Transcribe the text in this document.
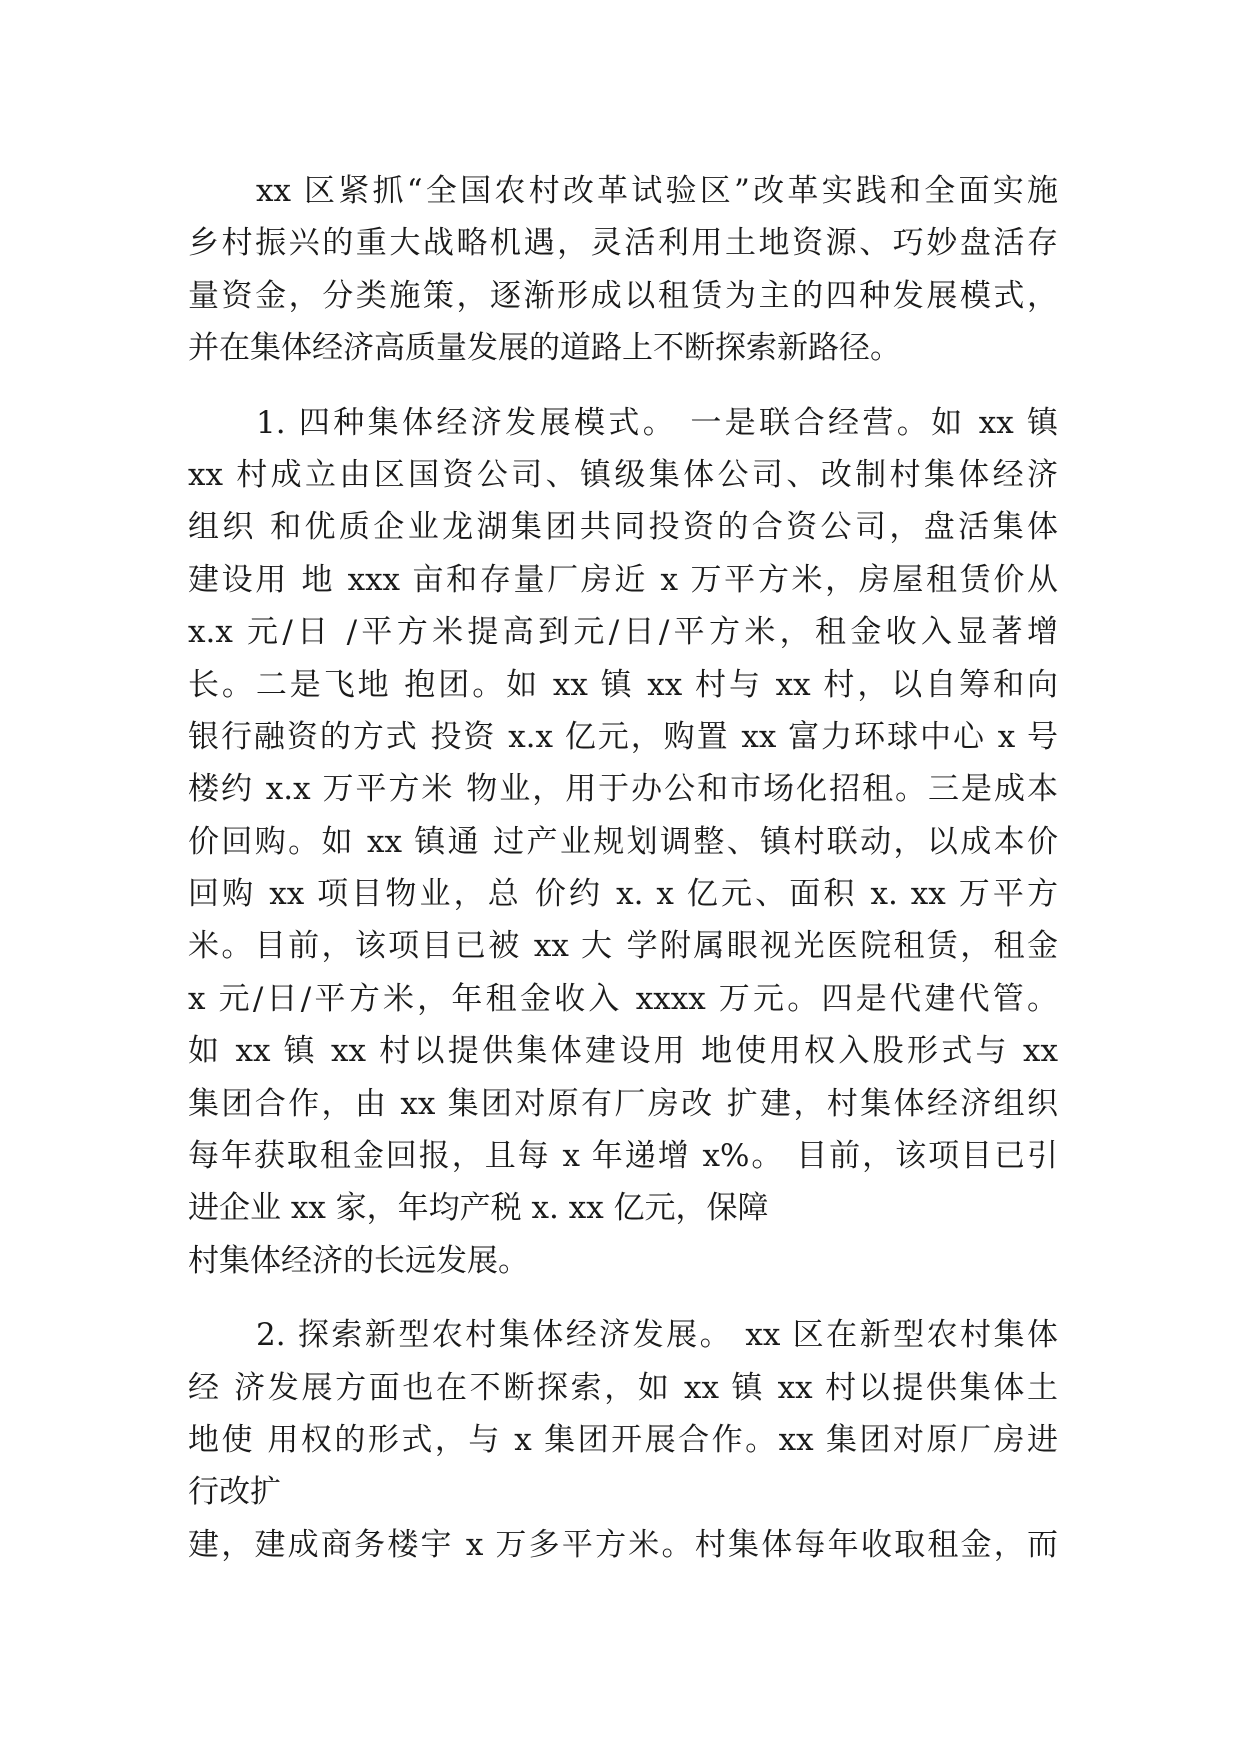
xx 区紧抓“全国农村改革试验区”改革实践和全面实施
乡村振兴的重大战略机遇，灵活利用土地资源、巧妙盘活存
量资金，分类施策，逐渐形成以租赁为主的四种发展模式，
并在集体经济高质量发展的道路上不断探索新路径。
1. 四种集体经济发展模式。 一是联合经营。如 xx 镇
xx 村成立由区国资公司、镇级集体公司、改制村集体经济
组织 和优质企业龙湖集团共同投资的合资公司，盘活集体
建设用 地 xxx 亩和存量厂房近 x 万平方米，房屋租赁价从
x.x 元/日 /平方米提高到元/日/平方米，租金收入显著增
长。二是飞地 抱团。如 xx 镇 xx 村与 xx 村，以自筹和向
银行融资的方式 投资 x.x 亿元，购置 xx 富力环球中心 x 号
楼约 x.x 万平方米 物业，用于办公和市场化招租。三是成本
价回购。如 xx 镇通 过产业规划调整、镇村联动，以成本价
回购 xx 项目物业，总 价约 x. x 亿元、面积 x. xx 万平方
米。目前，该项目已被 xx 大 学附属眼视光医院租赁，租金
x 元/日/平方米，年租金收入 xxxx 万元。四是代建代管。
如 xx 镇 xx 村以提供集体建设用 地使用权入股形式与 xx
集团合作，由 xx 集团对原有厂房改 扩建，村集体经济组织
每年获取租金回报，且每 x 年递增 x%。 目前，该项目已引
进企业 xx 家，年均产税 x. xx 亿元，保障
村集体经济的长远发展。
2. 探索新型农村集体经济发展。 xx 区在新型农村集体
经 济发展方面也在不断探索，如 xx 镇 xx 村以提供集体土
地使 用权的形式，与 x 集团开展合作。xx 集团对原厂房进
行改扩
建，建成商务楼宇 x 万多平方米。村集体每年收取租金，而
